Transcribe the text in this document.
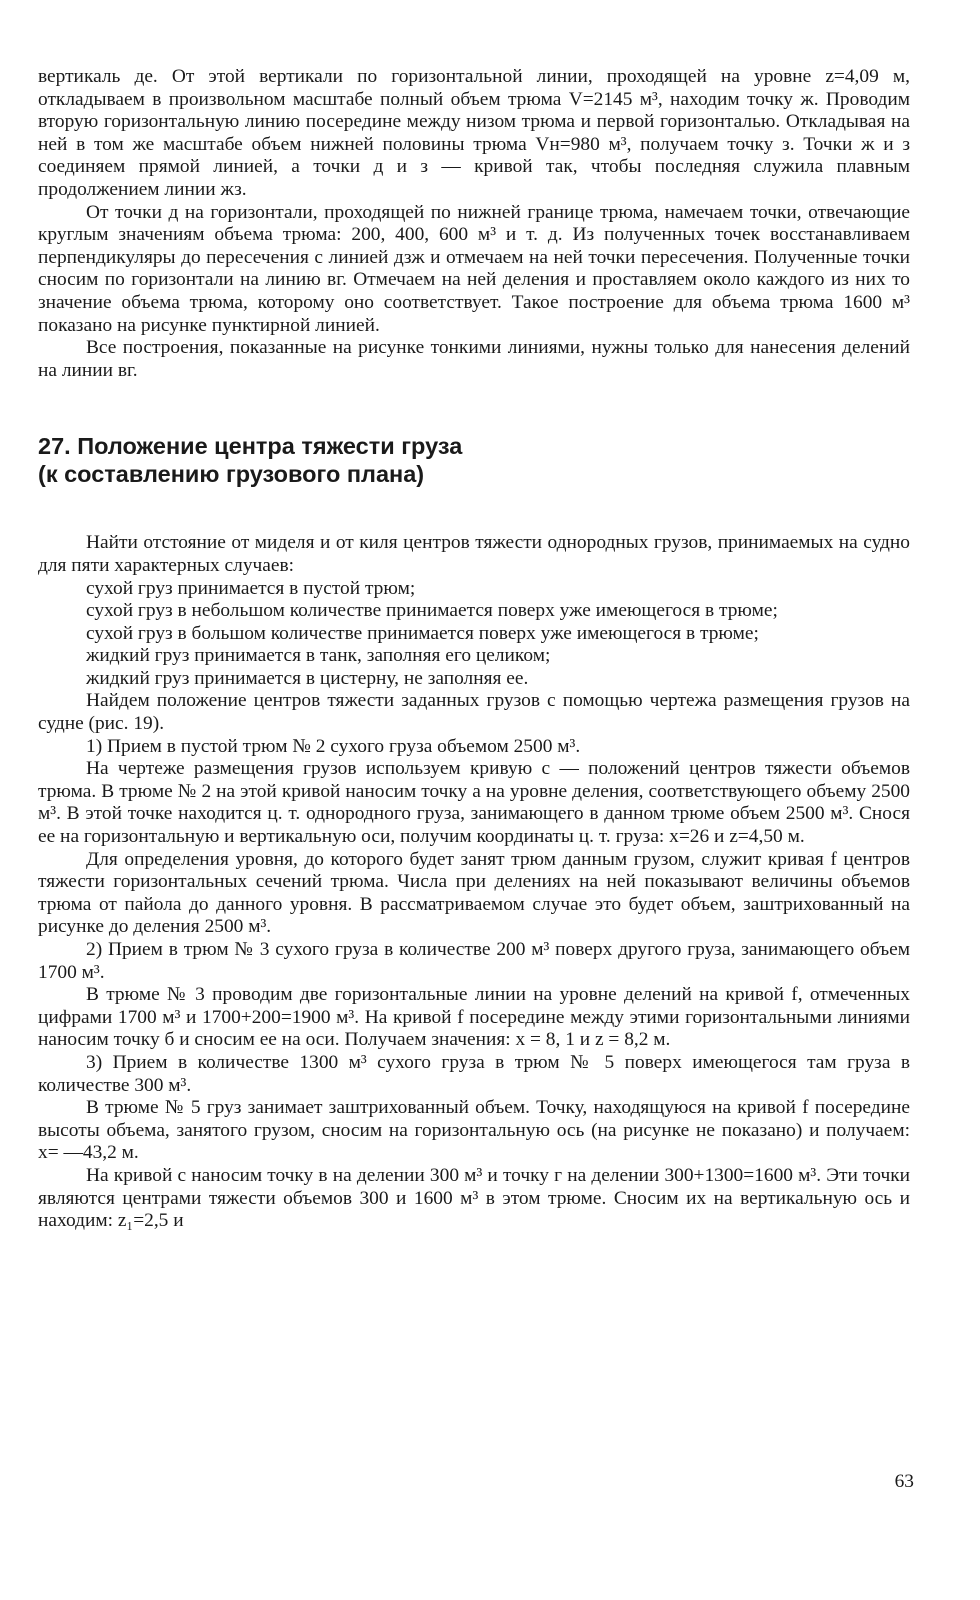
вертикаль де. От этой вертикали по горизонтальной линии, проходящей на уровне z=4,09 м, откладываем в произвольном масштабе полный объем трюма V=2145 м³, находим точку ж. Проводим вторую горизонтальную линию посередине между низом трюма и первой горизонталью. Откладывая на ней в том же масштабе объем нижней половины трюма Vн=980 м³, получаем точку з. Точки ж и з соединяем прямой линией, а точки д и з — кривой так, чтобы последняя служила плавным продолжением линии жз.

От точки д на горизонтали, проходящей по нижней границе трюма, намечаем точки, отвечающие круглым значениям объема трюма: 200, 400, 600 м³ и т. д. Из полученных точек восстанавливаем перпендикуляры до пересечения с линией дзж и отмечаем на ней точки пересечения. Полученные точки сносим по горизонтали на линию вг. Отмечаем на ней деления и проставляем около каждого из них то значение объема трюма, которому оно соответствует. Такое построение для объема трюма 1600 м³ показано на рисунке пунктирной линией.

Все построения, показанные на рисунке тонкими линиями, нужны только для нанесения делений на линии вг.

27. Положение центра тяжести груза

(к составлению грузового плана)

Найти отстояние от миделя и от киля центров тяжести однородных грузов, принимаемых на судно для пяти характерных случаев:

сухой груз принимается в пустой трюм;

сухой груз в небольшом количестве принимается поверх уже имеющегося в трюме;

сухой груз в большом количестве принимается поверх уже имеющегося в трюме;

жидкий груз принимается в танк, заполняя его целиком;

жидкий груз принимается в цистерну, не заполняя ее.

Найдем положение центров тяжести заданных грузов с помощью чертежа размещения грузов на судне (рис. 19).

1) Прием в пустой трюм № 2 сухого груза объемом 2500 м³.

На чертеже размещения грузов используем кривую c — положений центров тяжести объемов трюма. В трюме № 2 на этой кривой наносим точку a на уровне деления, соответствующего объему 2500 м³. В этой точке находится ц. т. однородного груза, занимающего в данном трюме объем 2500 м³. Снося ее на горизонтальную и вертикальную оси, получим координаты ц. т. груза: x=26 и z=4,50 м.

Для определения уровня, до которого будет занят трюм данным грузом, служит кривая f центров тяжести горизонтальных сечений трюма. Числа при делениях на ней показывают величины объемов трюма от пайола до данного уровня. В рассматриваемом случае это будет объем, заштрихованный на рисунке до деления 2500 м³.

2) Прием в трюм № 3 сухого груза в количестве 200 м³ поверх другого груза, занимающего объем 1700 м³.

В трюме № 3 проводим две горизонтальные линии на уровне делений на кривой f, отмеченных цифрами 1700 м³ и 1700+200=1900 м³. На кривой f посередине между этими горизонтальными линиями наносим точку б и сносим ее на оси. Получаем значения: x = 8, 1 и z = 8,2 м.

3) Прием в количестве 1300 м³ сухого груза в трюм № 5 поверх имеющегося там груза в количестве 300 м³.

В трюме № 5 груз занимает заштрихованный объем. Точку, находящуюся на кривой f посередине высоты объема, занятого грузом, сносим на горизонтальную ось (на рисунке не показано) и получаем: x= —43,2 м.

На кривой c наносим точку в на делении 300 м³ и точку г на делении 300+1300=1600 м³. Эти точки являются центрами тяжести объемов 300 и 1600 м³ в этом трюме. Сносим их на вертикальную ось и находим: z₁=2,5 и

63
